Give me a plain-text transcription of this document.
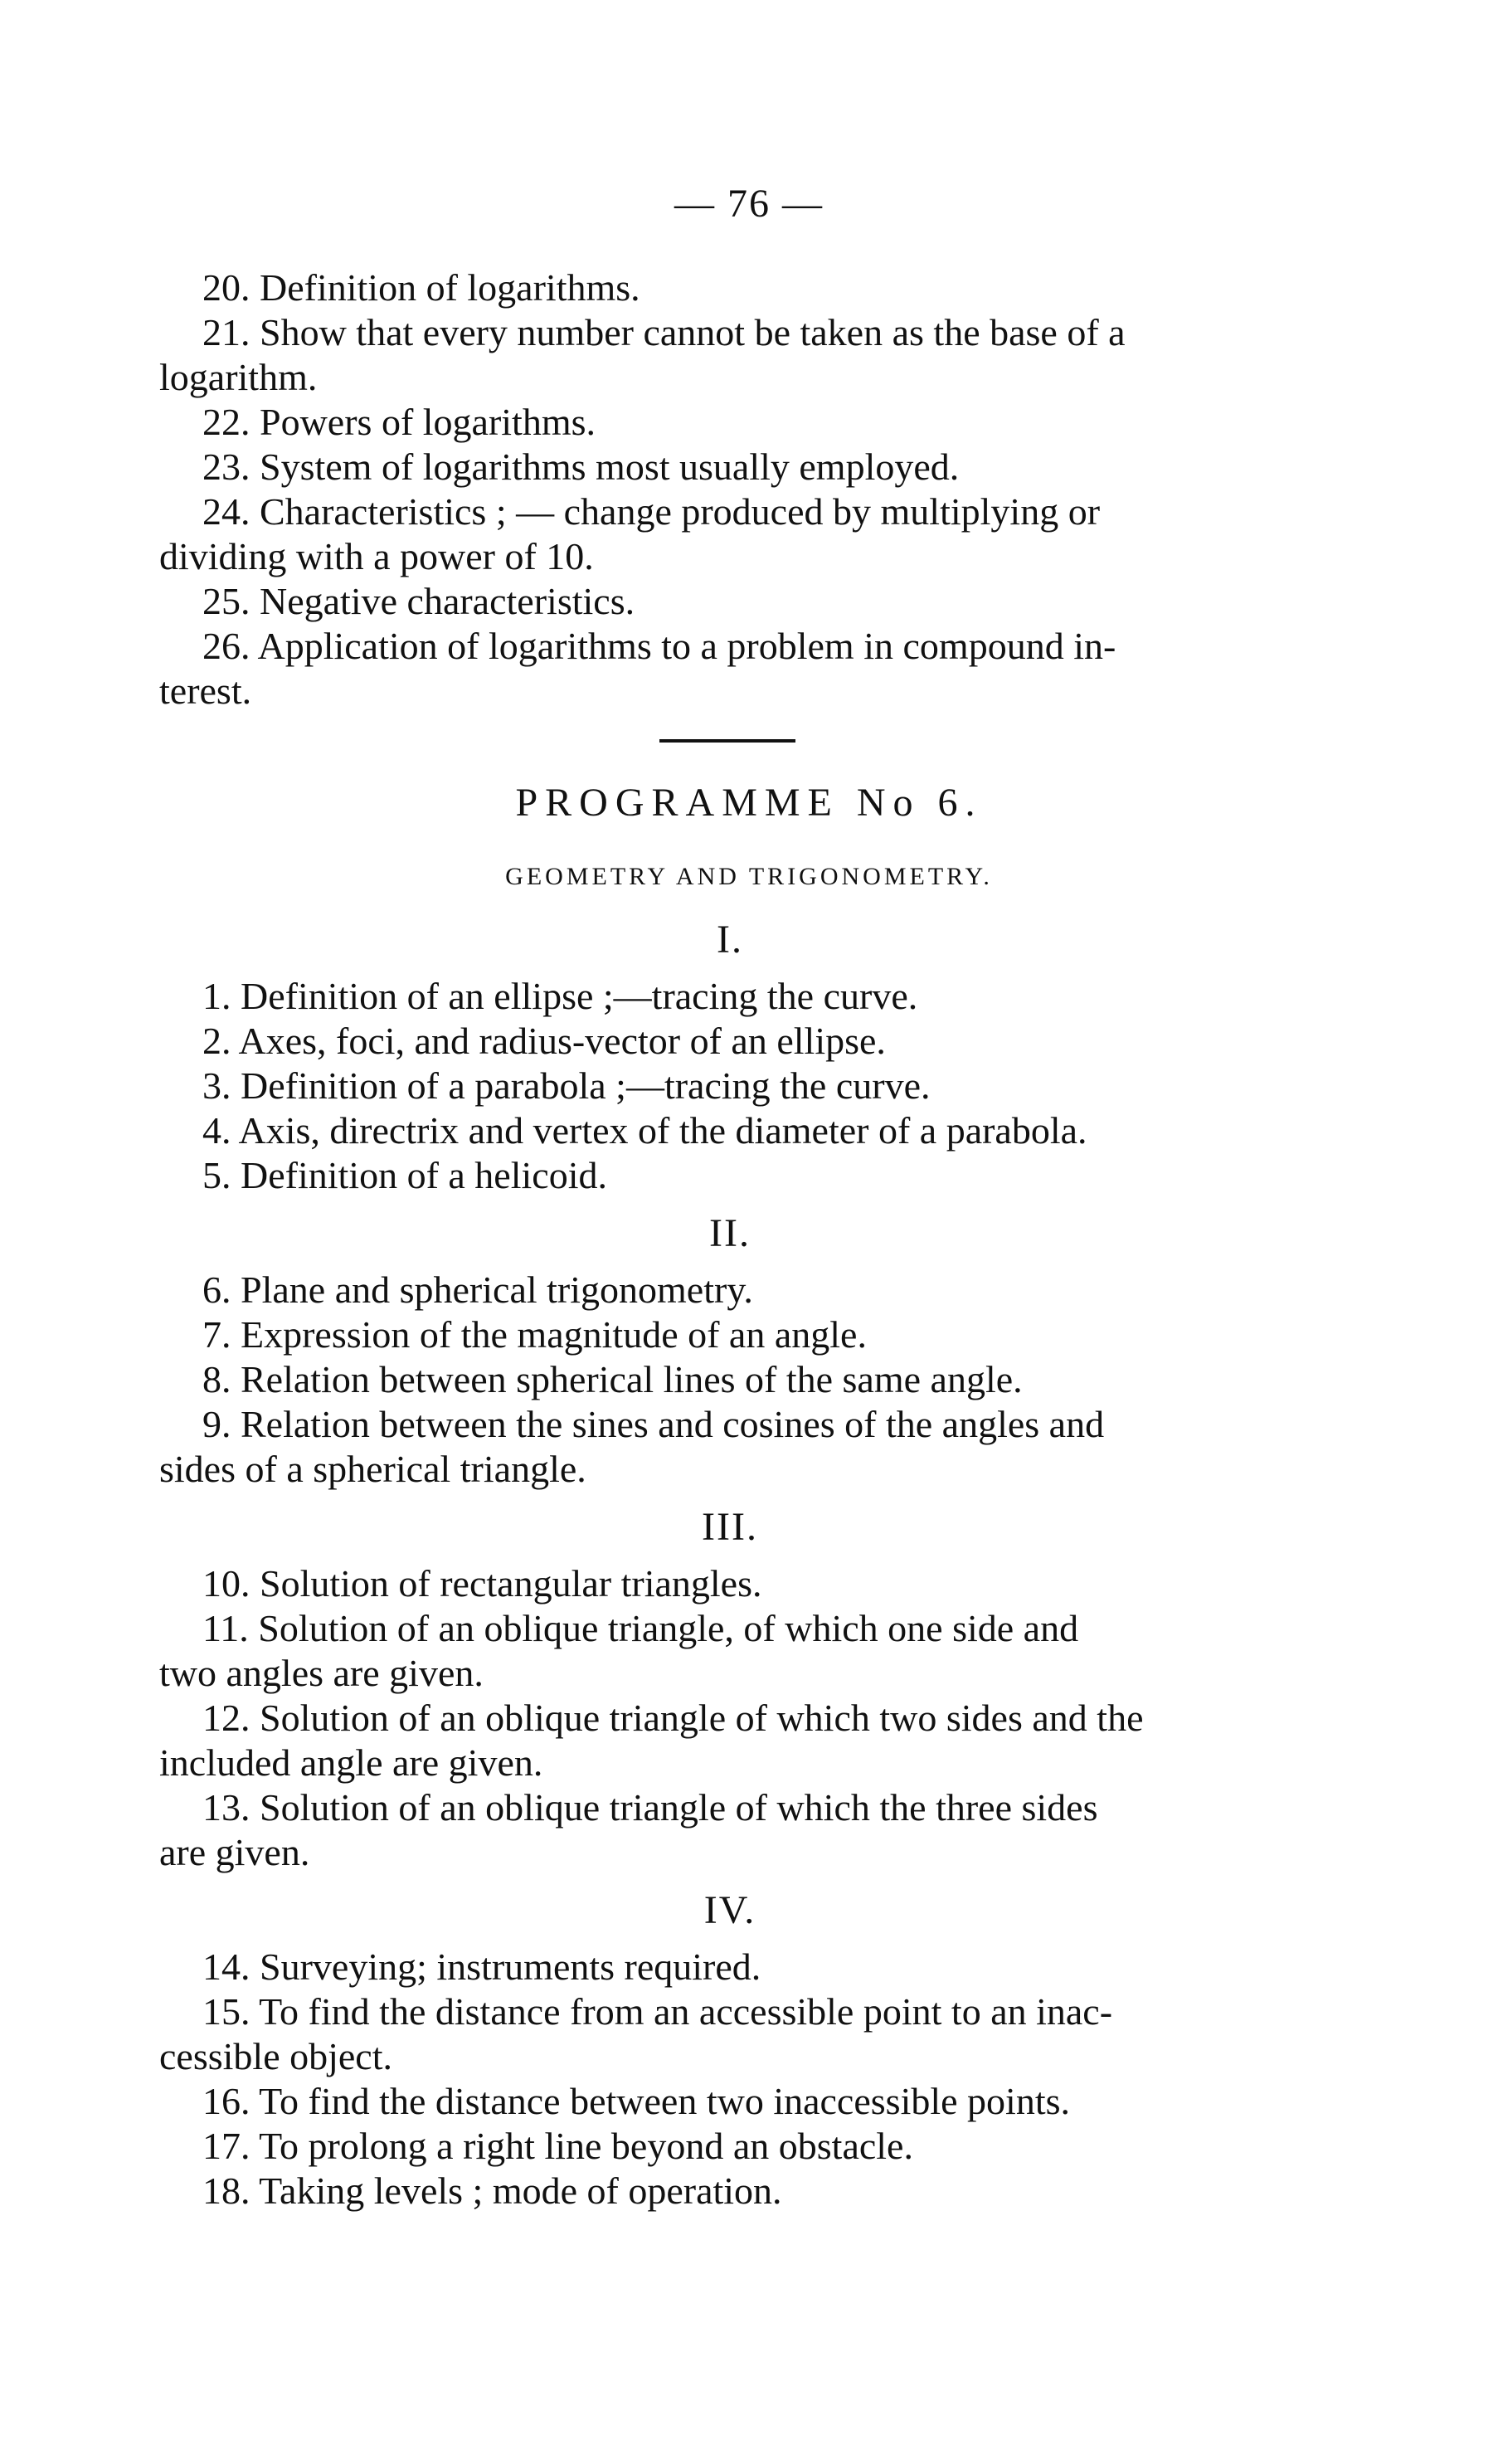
— 76 —
20. Definition of logarithms.
21. Show that every number cannot be taken as the base of a
logarithm.
22. Powers of logarithms.
23. System of logarithms most usually employed.
24. Characteristics ; — change produced by multiplying or
dividing with a power of 10.
25. Negative characteristics.
26. Application of logarithms to a problem in compound in-
terest.
PROGRAMME No 6.
GEOMETRY AND TRIGONOMETRY.
I.
1. Definition of an ellipse ;—tracing the curve.
2. Axes, foci, and radius-vector of an ellipse.
3. Definition of a parabola ;—tracing the curve.
4. Axis, directrix and vertex of the diameter of a parabola.
5. Definition of a helicoid.
II.
6. Plane and spherical trigonometry.
7. Expression of the magnitude of an angle.
8. Relation between spherical lines of the same angle.
9. Relation between the sines and cosines of the angles and
sides of a spherical triangle.
III.
10. Solution of rectangular triangles.
11. Solution of an oblique triangle, of which one side and
two angles are given.
12. Solution of an oblique triangle of which two sides and the
included angle are given.
13. Solution of an oblique triangle of which the three sides
are given.
IV.
14. Surveying; instruments required.
15. To find the distance from an accessible point to an inac-
cessible object.
16. To find the distance between two inaccessible points.
17. To prolong a right line beyond an obstacle.
18. Taking levels ; mode of operation.
